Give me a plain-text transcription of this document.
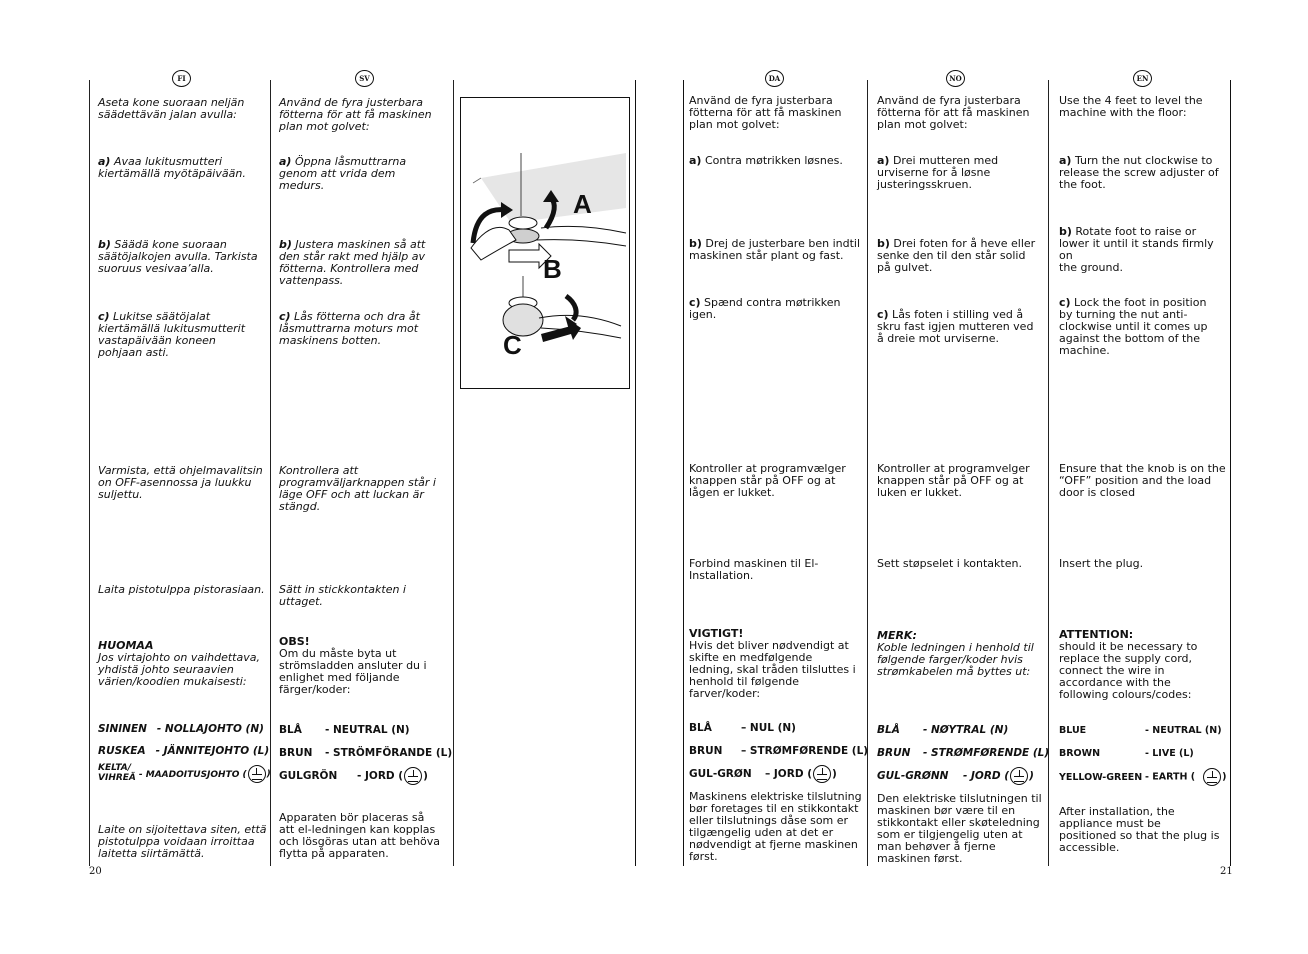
FI	SV	DA	NO	EN
Aseta kone suoraan neljän
säädettävän jalan avulla:
a) Avaa lukitusmutteri
kiertämällä myötäpäivään.
b) Säädä kone suoraan
säätöjalkojen avulla. Tarkista
suoruus vesivaa’alla.
c) Lukitse säätöjalat
kiertämällä lukitusmutterit
vastapäivään koneen
pohjaan asti.
Varmista, että ohjelmavalitsin
on OFF-asennossa ja luukku
suljettu.
Laita pistotulppa pistorasiaan.
HUOMAA
Jos virtajohto on vaihdettava,
yhdistä johto seuraavien
värien/koodien mukaisesti:
SININEN - NOLLAJOHTO (N)
RUSKEA - JÄNNITEJOHTO (L)
KELTA/
VIHREÄ - MAADOITUSJOHTO ( )
Laite on sijoitettava siten, että
pistotulppa voidaan irroittaa
laitetta siirtämättä.
Använd de fyra justerbara
fötterna för att få maskinen
plan mot golvet:
a) Öppna låsmuttrarna
genom att vrida dem
medurs.
b) Justera maskinen så att
den står rakt med hjälp av
fötterna. Kontrollera med
vattenpass.
c) Lås fötterna och dra åt
låsmuttrarna moturs mot
maskinens botten.
Kontrollera att
programväljarknappen står i
läge OFF och att luckan är
stängd.
Sätt in stickkontakten i
uttaget.
OBS!
Om du måste byta ut
strömsladden ansluter du i
enlighet med följande
färger/koder:
BLÅ - NEUTRAL (N)
BRUN - STRÖMFÖRANDE (L)
GULGRÖN - JORD ( )
Apparaten bör placeras så
att el-ledningen kan kopplas
och lösgöras utan att behöva
flytta på apparaten.
A
B
C
Använd de fyra justerbara
fötterna för att få maskinen
plan mot golvet:
a) Contra møtrikken løsnes.
b) Drej de justerbare ben indtil
maskinen står plant og fast.
c) Spænd contra møtrikken
igen.
Kontroller at programvælger
knappen står på OFF og at
lågen er lukket.
Forbind maskinen til El-
Installation.
VIGTIGT!
Hvis det bliver nødvendigt at
skifte en medfølgende
ledning, skal tråden tilsluttes i
henhold til følgende
farver/koder:
BLÅ	– NUL (N)
BRUN – STRØMFØRENDE (L)
GUL-GRØN – JORD ( )
Maskinens elektriske tilslutning
bør foretages til en stikkontakt
eller tilslutnings dåse som er
tilgængelig uden at det er
nødvendigt at fjerne maskinen
først.
Använd de fyra justerbara
fötterna för att få maskinen
plan mot golvet:
a) Drei mutteren med
urviserne for å løsne
justeringsskruen.
b) Drei foten for å heve eller
senke den til den står solid
på gulvet.
c) Lås foten i stilling ved å
skru fast igjen mutteren ved
å dreie mot urviserne.
Kontroller at programvelger
knappen står på OFF og at
luken er lukket.
Sett støpselet i kontakten.
MERK:
Koble ledningen i henhold til
følgende farger/koder hvis
strømkabelen må byttes ut:
BLÅ - NØYTRAL (N)
BRUN - STRØMFØRENDE (L)
GUL-GRØNN - JORD ( )
Den elektriske tilslutningen til
maskinen bør være til en
stikkontakt eller skøteledning
som er tilgjengelig uten at
man behøver å fjerne
maskinen først.
Use the 4 feet to level the
machine with the floor:
a) Turn the nut clockwise to
release the screw adjuster of
the foot.
b) Rotate foot to raise or
lower it until it stands firmly on
the ground.
c) Lock the foot in position
by turning the nut anti-
clockwise until it comes up
against the bottom of the
machine.
Ensure that the knob is on the
“OFF” position and the load
door is closed
Insert the plug.
ATTENTION:
should it be necessary to
replace the supply cord,
connect the wire in
accordance with the
following colours/codes:
BLUE	- NEUTRAL (N)
BROWN	- LIVE (L)
YELLOW-GREEN - EARTH (	)
After installation, the
appliance must be
positioned so that the plug is
accessible.
20	21
